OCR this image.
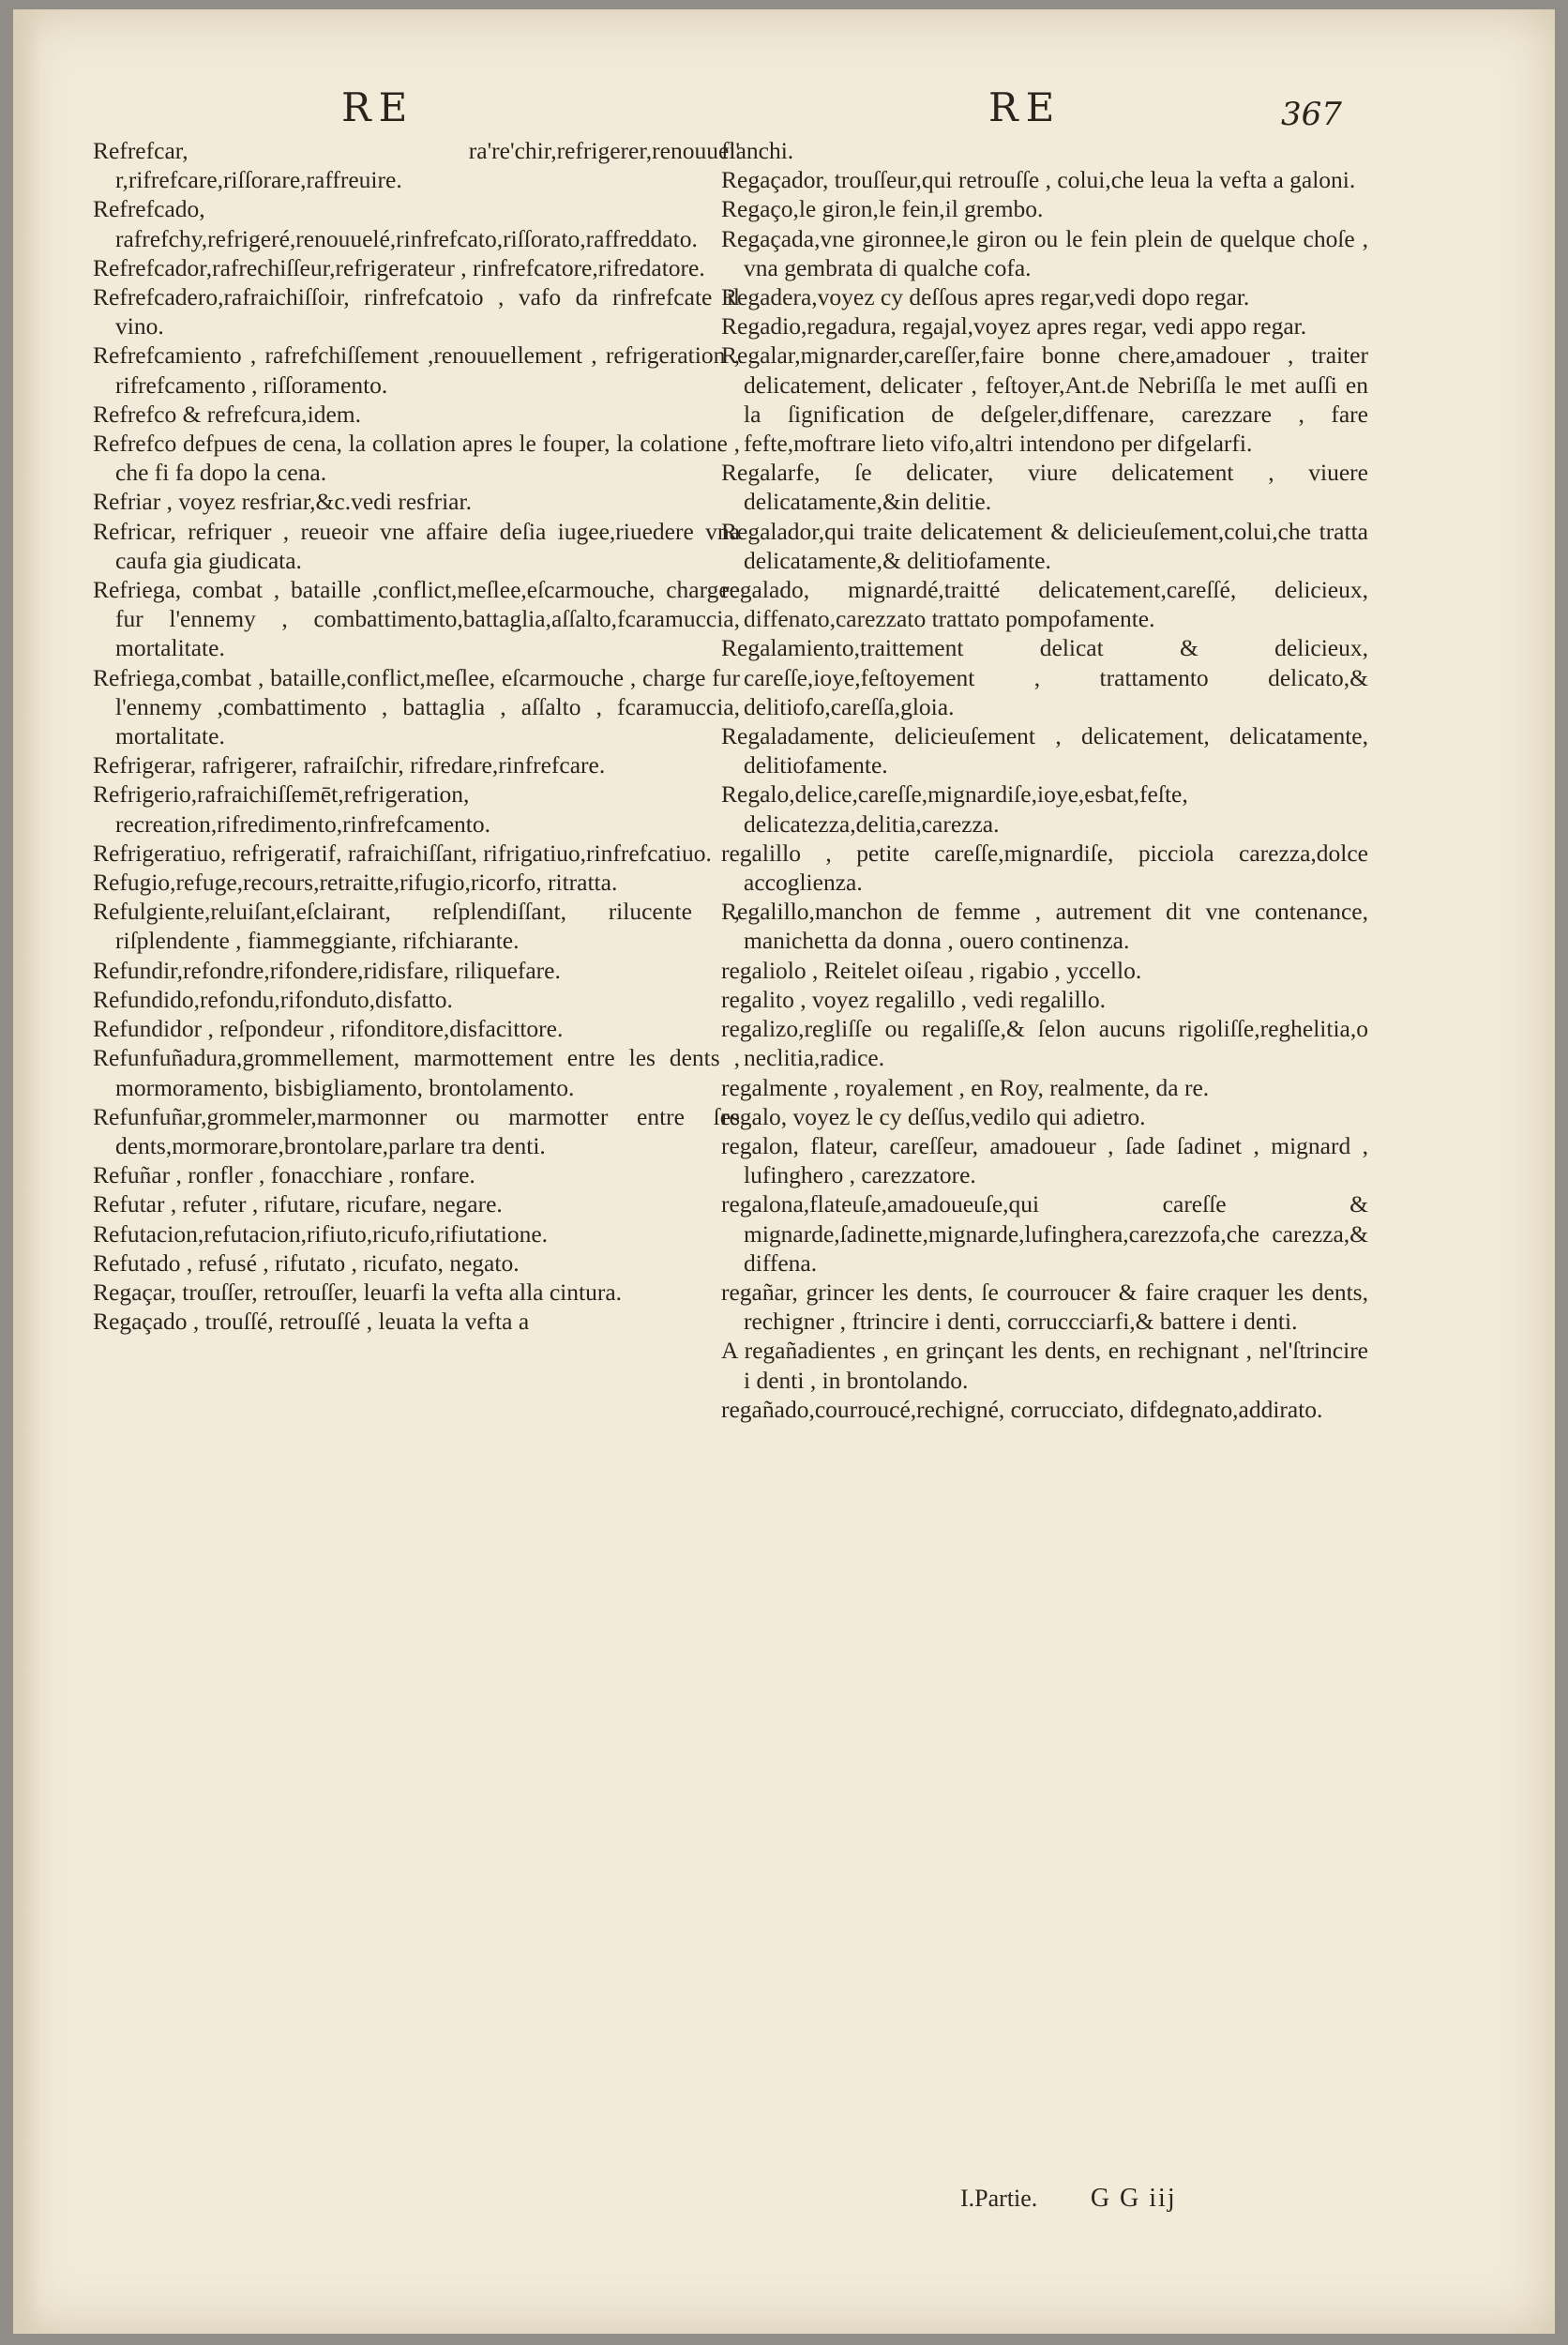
RE	RE	367
Refrefcar, ra're'chir,refrigerer,renouuel' r,rifrefcare,riſſorare,raffreuire.
Refrefcado, rafrefchy,refrigeré,renouuelé,rinfrefcato,riſſorato,raffreddato.
Refrefcador,rafrechiſſeur,refrigerateur , rinfrefcatore,rifredatore.
Refrefcadero,rafraichiſſoir, rinfrefcatoio , vafo da rinfrefcate il vino.
Refrefcamiento , rafrefchiſſement ,renouuellement , refrigeration , rifrefcamento , riſſoramento.
Refrefco & refrefcura,idem.
Refrefco defpues de cena, la collation apres le fouper, la colatione , che fi fa dopo la cena.
Refriar , voyez resfriar,&c.vedi resfriar.
Refricar, refriquer , reueoir vne affaire deſia iugee,riuedere vna caufa gia giudicata.
Refriega, combat , bataille ,conflict,meſlee,eſcarmouche, chargee fur l'ennemy , combattimento,battaglia,aſſalto,fcaramuccia, mortalitate.
Refriega,combat , bataille,conflict,meſlee, eſcarmouche , charge fur l'ennemy ,combattimento , battaglia , aſſalto , fcaramuccia, mortalitate.
Refrigerar, rafrigerer, rafraiſchir, rifredare,rinfrefcare.
Refrigerio,rafraichiſſemēt,refrigeration, recreation,rifredimento,rinfrefcamento.
Refrigeratiuo, refrigeratif, rafraichiſſant, rifrigatiuo,rinfrefcatiuo.
Refugio,refuge,recours,retraitte,rifugio,ricorfo, ritratta.
Refulgiente,reluiſant,eſclairant, reſplendiſſant, rilucente , riſplendente , fiammeggiante, rifchiarante.
Refundir,refondre,rifondere,ridisfare, riliquefare.
Refundido,refondu,rifonduto,disfatto.
Refundidor , reſpondeur , rifonditore,disfacittore.
Refunfuñadura,grommellement, marmottement entre les dents , mormoramento, bisbigliamento, brontolamento.
Refunfuñar,grommeler,marmonner ou marmotter entre ſes dents,mormorare,brontolare,parlare tra denti.
Refuñar , ronfler , fonacchiare , ronfare.
Refutar , refuter , rifutare, ricufare, negare.
Refutacion,refutacion,rifiuto,ricufo,rifiutatione.
Refutado , refusé , rifutato , ricufato, negato.
Regaçar, trouſſer, retrouſſer, leuarfi la vefta alla cintura.
Regaçado , trouſſé, retrouſſé , leuata la vefta a
fianchi.
Regaçador, trouſſeur,qui retrouſſe , colui,che leua la vefta a galoni.
Regaço,le giron,le fein,il grembo.
Regaçada,vne gironnee,le giron ou le fein plein de quelque choſe , vna gembrata di qualche cofa.
Regadera,voyez cy deſſous apres regar,vedi dopo regar.
Regadio,regadura, regajal,voyez apres regar, vedi appo regar.
Regalar,mignarder,careſſer,faire bonne chere,amadouer , traiter delicatement, delicater , feſtoyer,Ant.de Nebriſſa le met auſſi en la ſignification de deſgeler,diffenare, carezzare , fare fefte,moftrare lieto vifo,altri intendono per difgelarfi.
Regalarfe, ſe delicater, viure delicatement , viuere delicatamente,&in delitie.
Regalador,qui traite delicatement & delicieuſement,colui,che tratta delicatamente,& delitiofamente.
regalado, mignardé,traitté delicatement,careſſé, delicieux, diffenato,carezzato trattato pompofamente.
Regalamiento,traittement delicat & delicieux, careſſe,ioye,feſtoyement , trattamento delicato,& delitiofo,careſſa,gloia.
Regaladamente, delicieuſement , delicatement, delicatamente, delitiofamente.
Regalo,delice,careſſe,mignardiſe,ioye,esbat,feſte, delicatezza,delitia,carezza.
regalillo , petite careſſe,mignardiſe, picciola carezza,dolce accoglienza.
Regalillo,manchon de femme , autrement dit vne contenance, manichetta da donna , ouero continenza.
regaliolo , Reitelet oiſeau , rigabio , yccello.
regalito , voyez regalillo , vedi regalillo.
regalizo,regliſſe ou regaliſſe,& ſelon aucuns rigoliſſe,reghelitia,o neclitia,radice.
regalmente , royalement , en Roy, realmente, da re.
regalo, voyez le cy deſſus,vedilo qui adietro.
regalon, flateur, careſſeur, amadoueur , ſade ſadinet , mignard , lufinghero , carezzatore.
regalona,flateuſe,amadoueuſe,qui careſſe & mignarde,ſadinette,mignarde,lufinghera,carezzofa,che carezza,& diffena.
regañar, grincer les dents, ſe courroucer & faire craquer les dents, rechigner , ftrincire i denti, corruccciarfi,& battere i denti.
A regañadientes , en grinçant les dents, en rechignant , nel'ſtrincire i denti , in brontolando.
regañado,courroucé,rechigné, corrucciato, difdegnato,addirato.
I.Partie. G G iij
